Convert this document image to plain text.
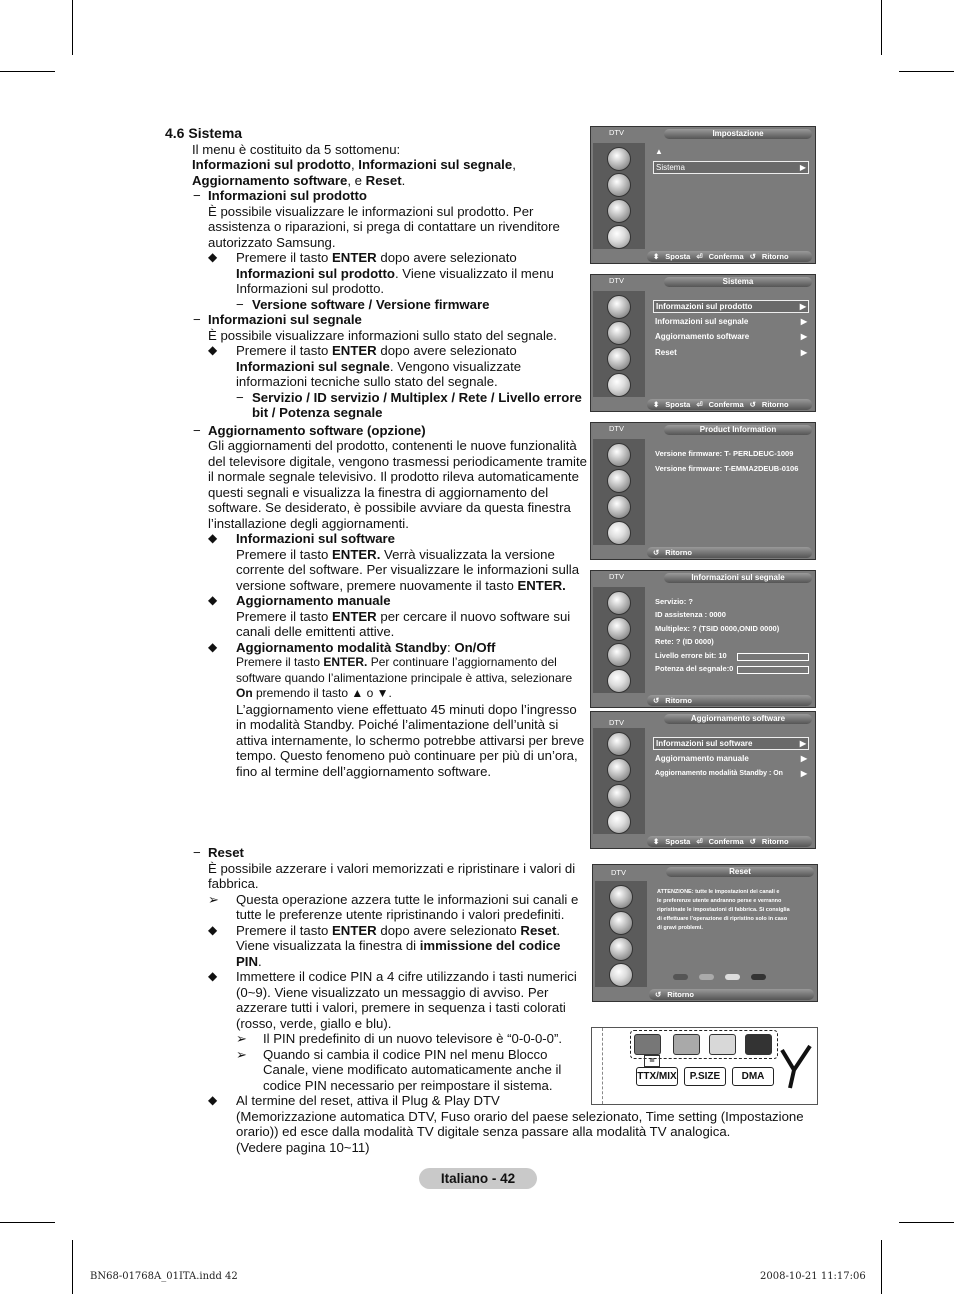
4.6 Sistema
Il menu è costituito da 5 sottomenu:
Informazioni sul prodotto, Informazioni sul segnale,
Aggiornamento software, e Reset.
− Informazioni sul prodotto
È possibile visualizzare le informazioni sul prodotto. Per
assistenza o riparazioni, si prega di contattare un rivenditore
autorizzato Samsung.
◆ Premere il tasto ENTER dopo avere selezionato
Informazioni sul prodotto. Viene visualizzato il menu
Informazioni sul prodotto.
− Versione software / Versione firmware
− Informazioni sul segnale
È possibile visualizzare informazioni sullo stato del segnale.
◆ Premere il tasto ENTER dopo avere selezionato
Informazioni sul segnale. Vengono visualizzate
informazioni tecniche sullo stato del segnale.
− Servizio / ID servizio / Multiplex / Rete / Livello errore
bit / Potenza segnale
− Aggiornamento software (opzione)
Gli aggiornamenti del prodotto, contenenti le nuove funzionalità
del televisore digitale, vengono trasmessi periodicamente tramite
il normale segnale televisivo. Il prodotto rileva automaticamente
questi segnali e visualizza la finestra di aggiornamento del
software. Se desiderato, è possibile avviare da questa finestra
l’installazione degli aggiornamenti.
◆ Informazioni sul software
Premere il tasto ENTER. Verrà visualizzata la versione
corrente del software. Per visualizzare le informazioni sulla
versione software, premere nuovamente il tasto ENTER.
◆ Aggiornamento manuale
Premere il tasto ENTER per cercare il nuovo software sui
canali delle emittenti attive.
◆ Aggiornamento modalità Standby: On/Off
Premere il tasto ENTER. Per continuare l’aggiornamento del
software quando l’alimentazione principale è attiva, selezionare
On premendo il tasto ▲ o ▼.
L’aggiornamento viene effettuato 45 minuti dopo l’ingresso
in modalità Standby. Poiché l’alimentazione dell’unità si
attiva internamente, lo schermo potrebbe attivarsi per breve
tempo. Questo fenomeno può continuare per più di un’ora,
fino al termine dell’aggiornamento software.
− Reset
È possibile azzerare i valori memorizzati e ripristinare i valori di
fabbrica.
➢ Questa operazione azzera tutte le informazioni sui canali e
tutte le preferenze utente ripristinando i valori predefiniti.
◆ Premere il tasto ENTER dopo avere selezionato Reset.
Viene visualizzata la finestra di immissione del codice
PIN.
◆ Immettere il codice PIN a 4 cifre utilizzando i tasti numerici
(0~9). Viene visualizzato un messaggio di avviso. Per
azzerare tutti i valori, premere in sequenza i tasti colorati
(rosso, verde, giallo e blu).
➢ Il PIN predefinito di un nuovo televisore è “0-0-0-0”.
➢ Quando si cambia il codice PIN nel menu Blocco
Canale, viene modificato automaticamente anche il
codice PIN necessario per reimpostare il sistema.
◆ Al termine del reset, attiva il Plug & Play DTV
(Memorizzazione automatica DTV, Fuso orario del paese selezionato, Time setting (Impostazione
orario)) ed esce dalla modalità TV digitale senza passare alla modalità TV analogica.
(Vedere pagina 10~11)
DTV	Impostazione
▲
Sistema	▶
⬍ Sposta ⏎ Conferma ↺ Ritorno
DTV	Sistema
Informazioni sul prodotto	▶
Informazioni sul segnale	▶
Aggiornamento software	▶
Reset	▶
⬍ Sposta ⏎ Conferma ↺ Ritorno
DTV	Product Information
Versione firmware: T- PERLDEUC-1009
Versione firmware: T-EMMA2DEUB-0106
↺ Ritorno
DTV	Informazioni sul segnale
Servizio: ?
ID assistenza : 0000
Multiplex: ? (TSID 0000,ONID 0000)
Rete: ? (ID 0000)
Livello errore bit: 10
Potenza del segnale:0
↺ Ritorno
DTV	Aggiornamento software
Informazioni sul software	▶
Aggiornamento manuale	▶
Aggiornamento modalità Standby : On ▶
⬍ Sposta ⏎ Conferma ↺ Ritorno
DTV	Reset
ATTENZIONE: tutte le impostazioni dei canali e
le preferenze utente andranno perse e verranno
ripristinate le impostazioni di fabbrica. Si consiglia
di effettuare l’operazione di ripristino solo in caso
di gravi problemi.
↺ Ritorno
≣
TTX/MIX	P.SIZE	DMA
Italiano - 42
BN68-01768A_01ITA.indd 42	2008-10-21 11:17:06
